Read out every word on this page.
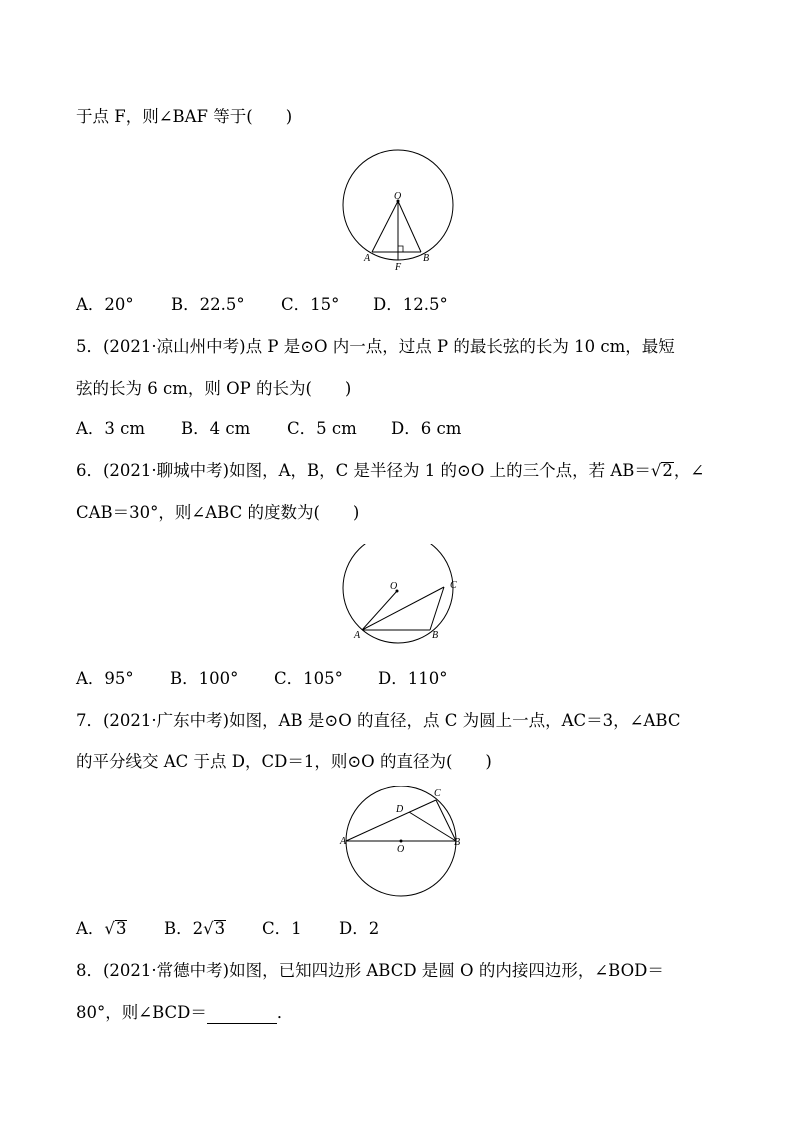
于点 F，则∠BAF 等于(　　)
O
A
F
B
A．20° B．22.5° C．15° D．12.5°
5．(2021·凉山州中考)点 P 是⊙O 内一点，过点 P 的最长弦的长为 10 cm，最短
弦的长为 6 cm，则 OP 的长为(　　)
A．3 cm B．4 cm C．5 cm D．6 cm
6．(2021·聊城中考)如图，A，B，C 是半径为 1 的⊙O 上的三个点，若 AB＝√2，∠
CAB＝30°，则∠ABC 的度数为(　　)
O
A	B
C
A．95° B．100° C．105° D．110°
7．(2021·广东中考)如图，AB 是⊙O 的直径，点 C 为圆上一点，AC＝3，∠ABC
的平分线交 AC 于点 D，CD＝1，则⊙O 的直径为(　　)
C
D
A	B
O
A．√3 B．2√3 C．1 D．2
8．(2021·常德中考)如图，已知四边形 ABCD 是圆 O 的内接四边形，∠BOD＝
80°，则∠BCD＝	．
